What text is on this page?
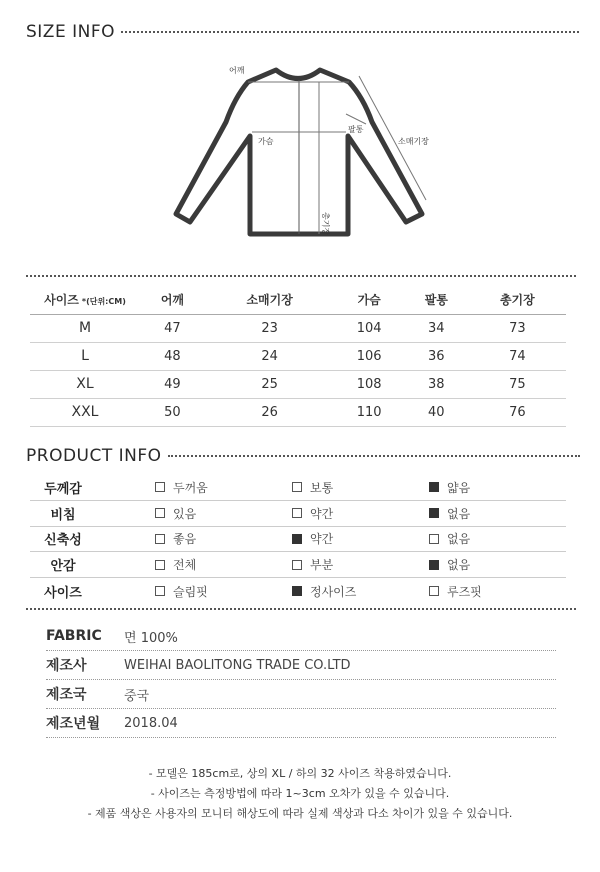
SIZE INFO
어깨
가슴
팔통
소매기장
총기장
사이즈 *(단위:CM)	어깨	소매기장	가슴	팔통	총기장
M	47	23	104	34	73
L	48	24	106	36	74
XL	49	25	108	38	75
XXL	50	26	110	40	76
PRODUCT INFO
두께감	두꺼움	보통	얇음
비침	있음	약간	없음
신축성	좋음	약간	없음
안감	전체	부분	없음
사이즈	슬림핏	정사이즈	루즈핏
FABRIC	면 100%
제조사	WEIHAI BAOLITONG TRADE CO.LTD
제조국	중국
제조년월	2018.04
- 모델은 185cm로, 상의 XL / 하의 32 사이즈 착용하였습니다.
- 사이즈는 측정방법에 따라 1~3cm 오차가 있을 수 있습니다.
- 제품 색상은 사용자의 모니터 해상도에 따라 실제 색상과 다소 차이가 있을 수 있습니다.
